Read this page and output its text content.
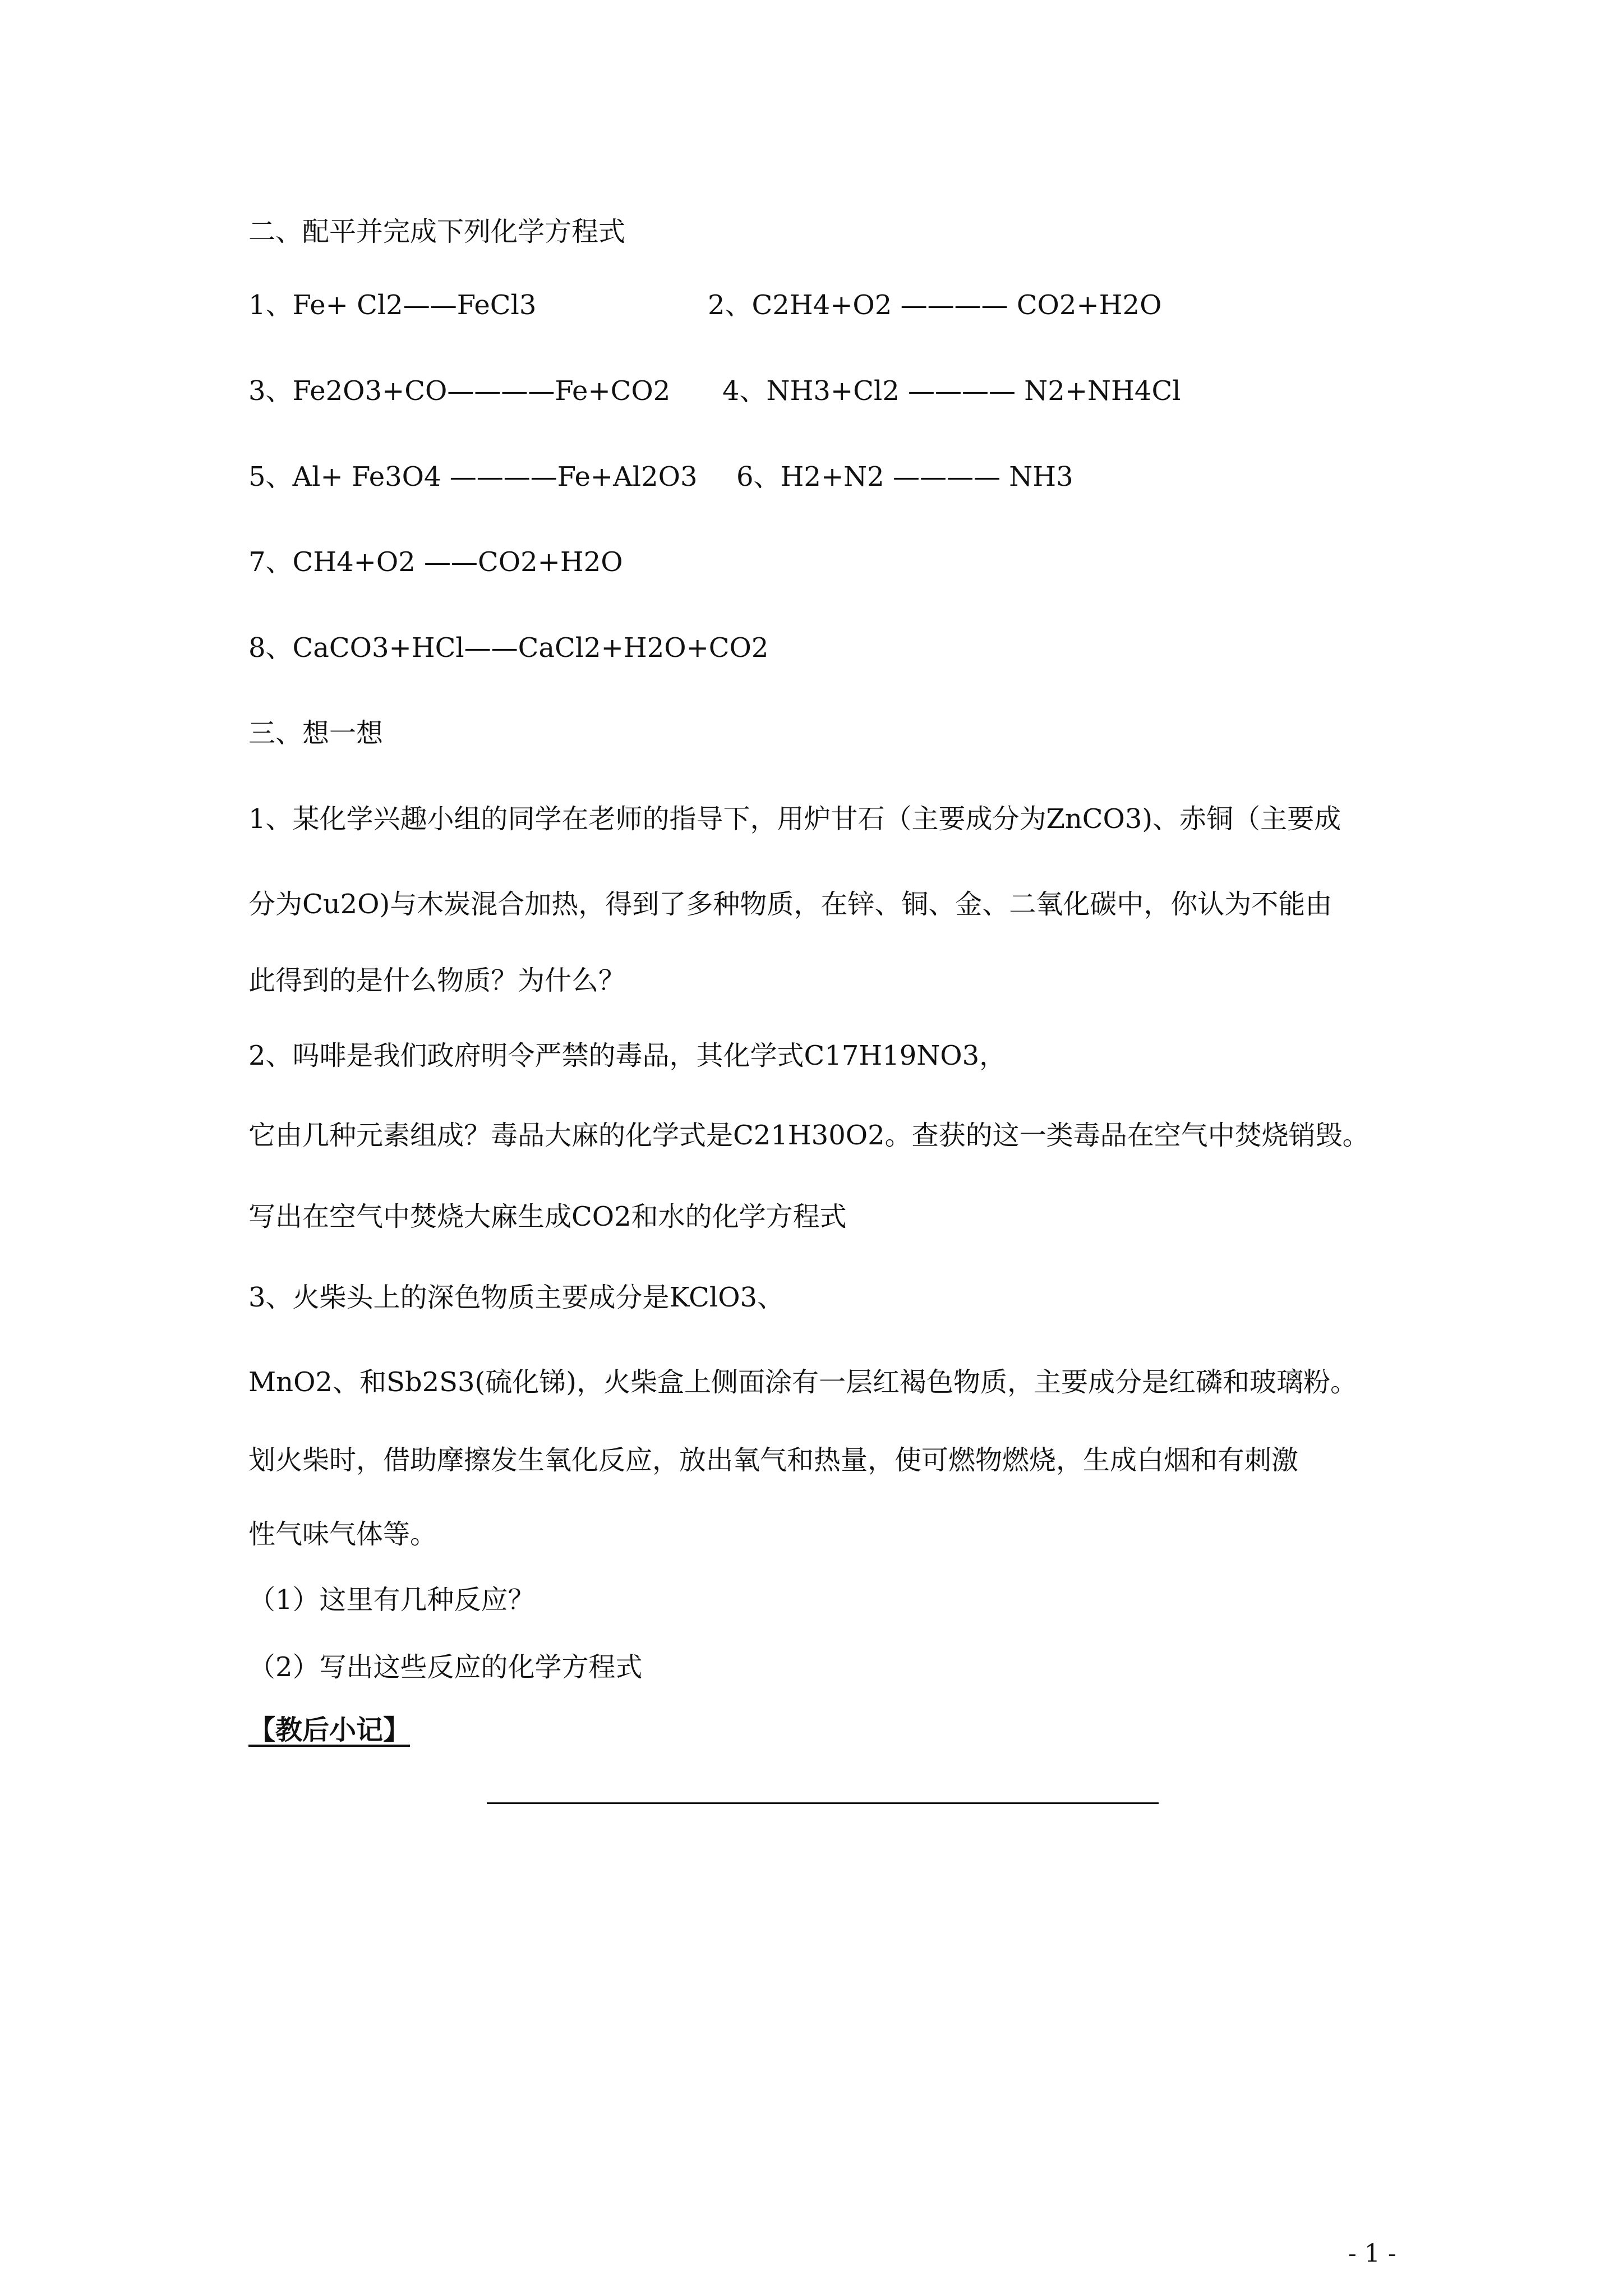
二、配平并完成下列化学方程式
1、Fe+ Cl2——FeCl3	2、C2H4+O2 ———— CO2+H2O
3、Fe2O3+CO————Fe+CO2 4、NH3+Cl2 ———— N2+NH4Cl
5、Al+ Fe3O4 ————Fe+Al2O3 6、H2+N2 ———— NH3
7、CH4+O2 ——CO2+H2O
8、CaCO3+HCl——CaCl2+H2O+CO2
三、想一想
1、某化学兴趣小组的同学在老师的指导下，用炉甘石（主要成分为ZnCO3)、赤铜（主要成
分为Cu2O)与木炭混合加热，得到了多种物质，在锌、铜、金、二氧化碳中，你认为不能由
此得到的是什么物质？为什么？
2、吗啡是我们政府明令严禁的毒品，其化学式C17H19NO3，
它由几种元素组成？毒品大麻的化学式是C21H30O2。查获的这一类毒品在空气中焚烧销毁。
写出在空气中焚烧大麻生成CO2和水的化学方程式
3、火柴头上的深色物质主要成分是KClO3、
MnO2、和Sb2S3(硫化锑)，火柴盒上侧面涂有一层红褐色物质，主要成分是红磷和玻璃粉。
划火柴时，借助摩擦发生氧化反应，放出氧气和热量，使可燃物燃烧，生成白烟和有刺激
性气味气体等。
（1）这里有几种反应？
（2）写出这些反应的化学方程式
【教后小记】
- 1 -
